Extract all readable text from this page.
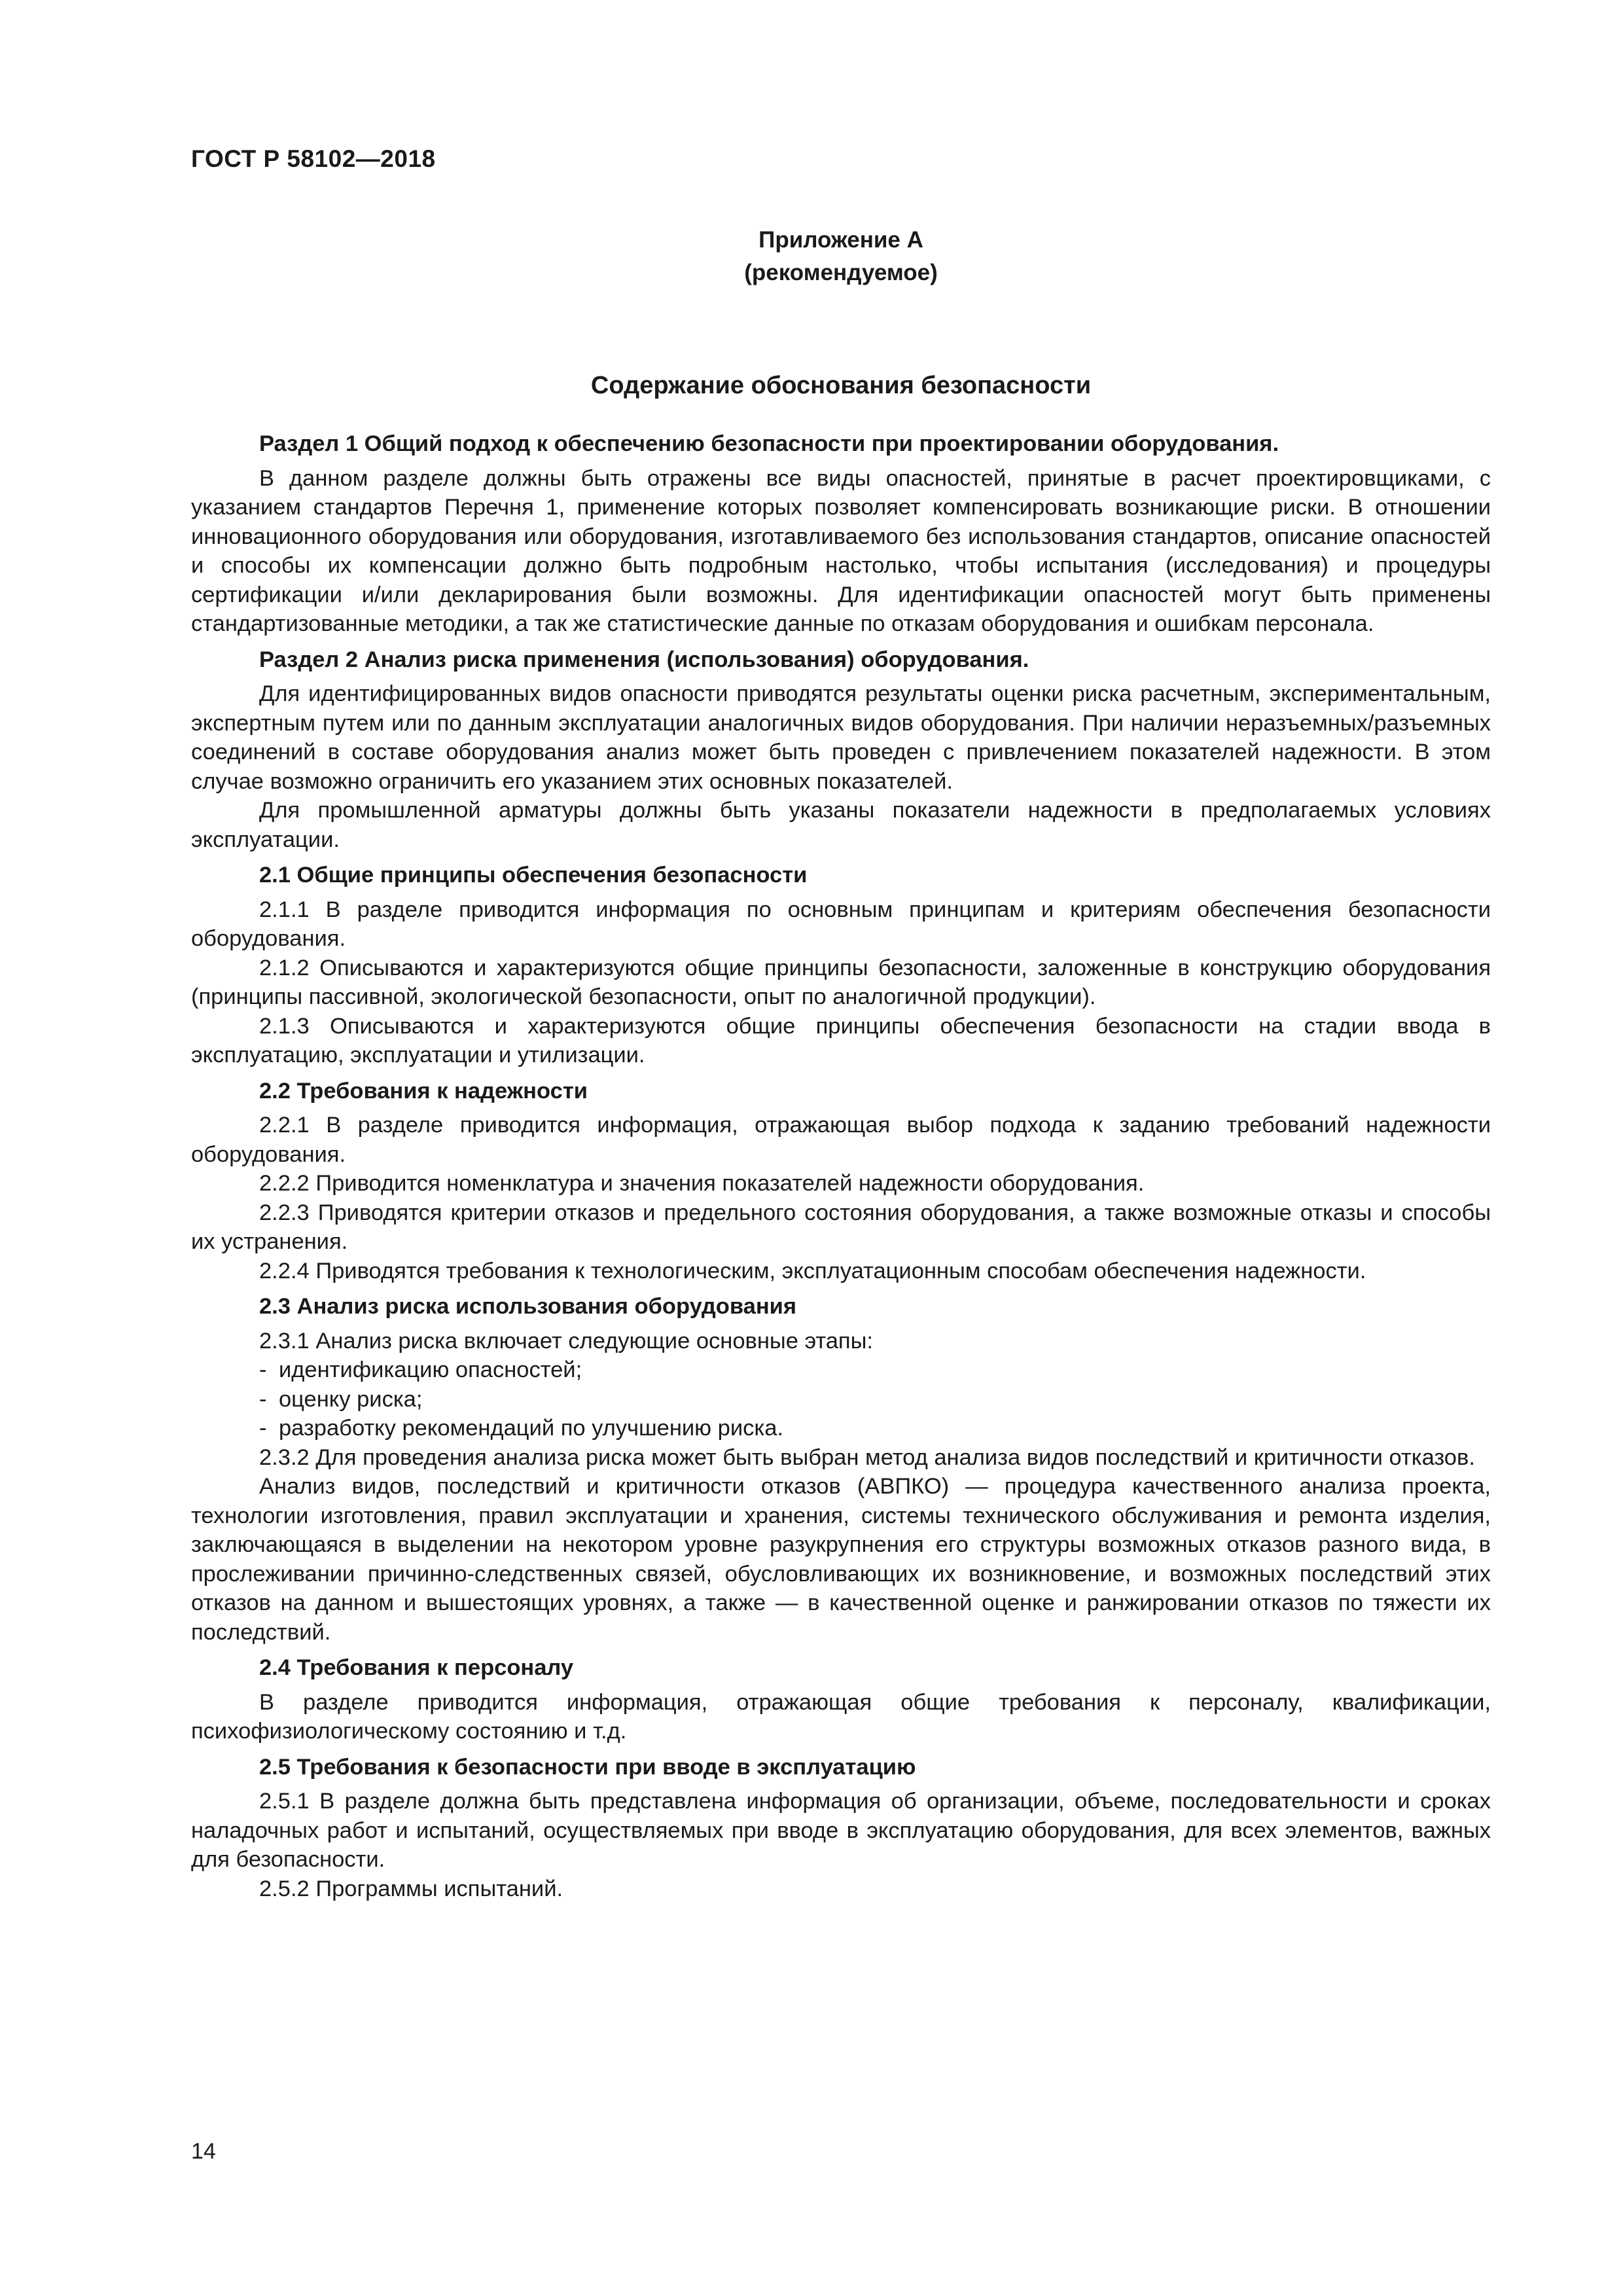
ГОСТ Р 58102—2018
Приложение А
(рекомендуемое)
Содержание обоснования безопасности

Раздел 1 Общий подход к обеспечению безопасности при проектировании оборудования.

В данном разделе должны быть отражены все виды опасностей, принятые в расчет проектировщиками, с указанием стандартов Перечня 1, применение которых позволяет компенсировать возникающие риски. В отношении инновационного оборудования или оборудования, изготавливаемого без использования стандартов, описание опасностей и способы их компенсации должно быть подробным настолько, чтобы испытания (исследования) и процедуры сертификации и/или декларирования были возможны. Для идентификации опасностей могут быть применены стандартизованные методики, а так же статистические данные по отказам оборудования и ошибкам персонала.

Раздел 2 Анализ риска применения (использования) оборудования.

Для идентифицированных видов опасности приводятся результаты оценки риска расчетным, экспериментальным, экспертным путем или по данным эксплуатации аналогичных видов оборудования. При наличии неразъемных/разъемных соединений в составе оборудования анализ может быть проведен с привлечением показателей надежности. В этом случае возможно ограничить его указанием этих основных показателей.

Для промышленной арматуры должны быть указаны показатели надежности в предполагаемых условиях эксплуатации.

2.1 Общие принципы обеспечения безопасности

2.1.1 В разделе приводится информация по основным принципам и критериям обеспечения безопасности оборудования.

2.1.2 Описываются и характеризуются общие принципы безопасности, заложенные в конструкцию оборудования (принципы пассивной, экологической безопасности, опыт по аналогичной продукции).

2.1.3 Описываются и характеризуются общие принципы обеспечения безопасности на стадии ввода в эксплуатацию, эксплуатации и утилизации.

2.2 Требования к надежности

2.2.1 В разделе приводится информация, отражающая выбор подхода к заданию требований надежности оборудования.

2.2.2 Приводится номенклатура и значения показателей надежности оборудования.

2.2.3 Приводятся критерии отказов и предельного состояния оборудования, а также возможные отказы и способы их устранения.

2.2.4 Приводятся требования к технологическим, эксплуатационным способам обеспечения надежности.

2.3 Анализ риска использования оборудования

2.3.1 Анализ риска включает следующие основные этапы:

- идентификацию опасностей;

- оценку риска;

- разработку рекомендаций по улучшению риска.

2.3.2 Для проведения анализа риска может быть выбран метод анализа видов последствий и критичности отказов.

Анализ видов, последствий и критичности отказов (АВПКО) — процедура качественного анализа проекта, технологии изготовления, правил эксплуатации и хранения, системы технического обслуживания и ремонта изделия, заключающаяся в выделении на некотором уровне разукрупнения его структуры возможных отказов разного вида, в прослеживании причинно-следственных связей, обусловливающих их возникновение, и возможных последствий этих отказов на данном и вышестоящих уровнях, а также — в качественной оценке и ранжировании отказов по тяжести их последствий.

2.4 Требования к персоналу

В разделе приводится информация, отражающая общие требования к персоналу, квалификации, психофизиологическому состоянию и т.д.

2.5 Требования к безопасности при вводе в эксплуатацию

2.5.1 В разделе должна быть представлена информация об организации, объеме, последовательности и сроках наладочных работ и испытаний, осуществляемых при вводе в эксплуатацию оборудования, для всех элементов, важных для безопасности.

2.5.2 Программы испытаний.

14
